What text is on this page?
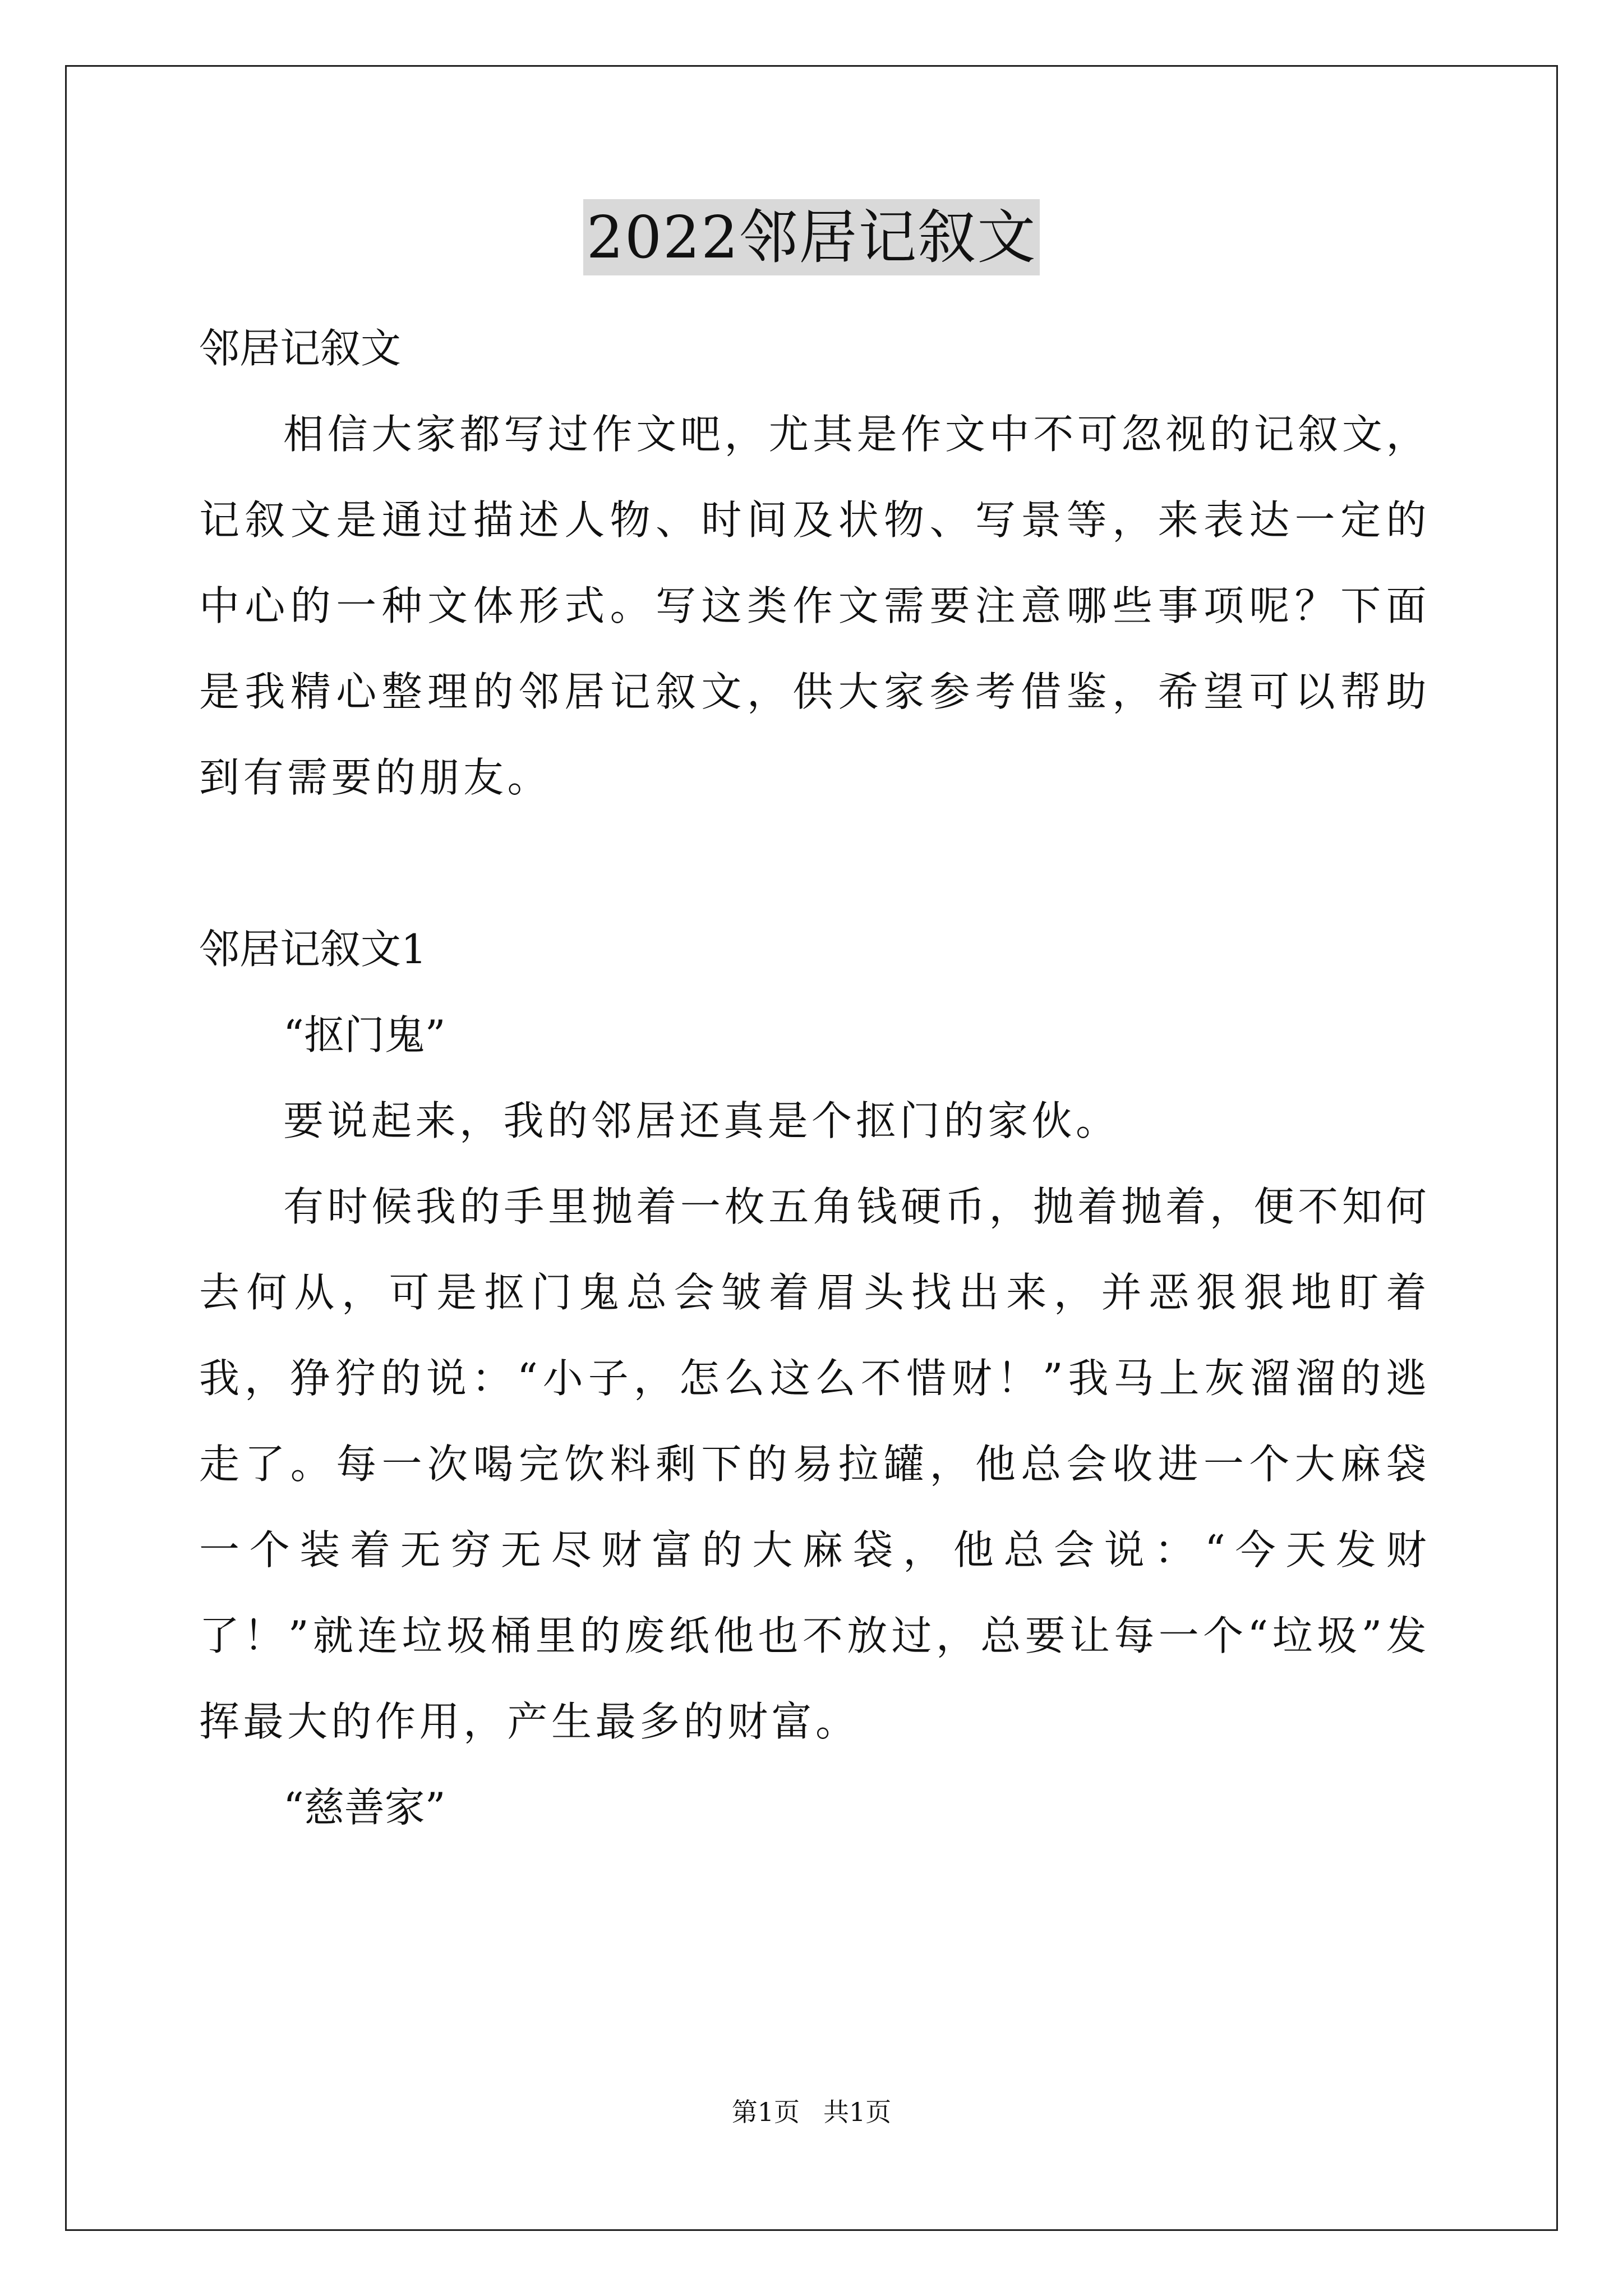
2022邻居记叙文
邻居记叙文
相信大家都写过作文吧，尤其是作文中不可忽视的记叙文，记叙文是通过描述人物、时间及状物、写景等，来表达一定的中心的一种文体形式。写这类作文需要注意哪些事项呢？下面是我精心整理的邻居记叙文，供大家参考借鉴，希望可以帮助到有需要的朋友。
邻居记叙文1
“抠门鬼”
要说起来，我的邻居还真是个抠门的家伙。
有时候我的手里抛着一枚五角钱硬币，抛着抛着，便不知何去何从，可是抠门鬼总会皱着眉头找出来，并恶狠狠地盯着我，狰狞的说：“小子，怎么这么不惜财！”我马上灰溜溜的逃走了。每一次喝完饮料剩下的易拉罐，他总会收进一个大麻袋一个装着无穷无尽财富的大麻袋，他总会说：“今天发财了！”就连垃圾桶里的废纸他也不放过，总要让每一个“垃圾”发挥最大的作用，产生最多的财富。
“慈善家”
第1页 共1页
